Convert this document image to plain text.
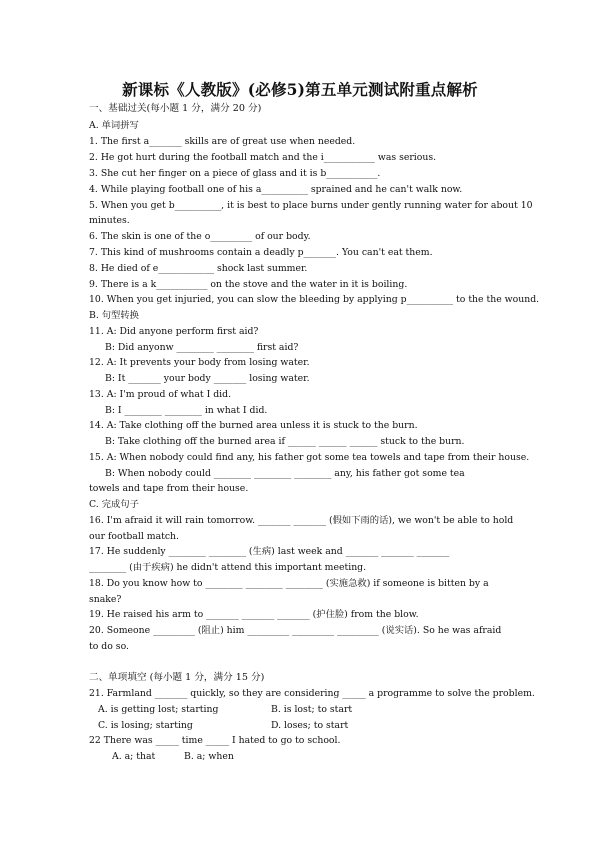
新课标《人教版》(必修5)第五单元测试附重点解析
一、基础过关(每小题 1 分，满分 20 分)
A. 单词拼写
1. The first a_______ skills are of great use when needed.
2. He got hurt during the football match and the i___________ was serious.
3. She cut her finger on a piece of glass and it is b___________.
4. While playing football one of his a__________ sprained and he can't walk now.
5. When you get b__________, it is best to place burns under gently running water for about 10
minutes.
6. The skin is one of the o_________ of our body.
7. This kind of mushrooms contain a deadly p_______. You can't eat them.
8. He died of e____________ shock last summer.
9. There is a k___________ on the stove and the water in it is boiling.
10. When you get injuried, you can slow the bleeding by applying p__________ to the the wound.
B. 句型转换
11. A: Did anyone perform first aid?
B: Did anyonw ________ ________ first aid?
12. A: It prevents your body from losing water.
B: It _______ your body _______ losing water.
13. A: I'm proud of what I did.
B: I ________ ________ in what I did.
14. A: Take clothing off the burned area unless it is stuck to the burn.
B: Take clothing off the burned area if ______ ______ ______ stuck to the burn.
15. A: When nobody could find any, his father got some tea towels and tape from their house.
B: When nobody could ________ ________ ________ any, his father got some tea
towels and tape from their house.
C. 完成句子
16. I'm afraid it will rain tomorrow. _______ _______ (假如下雨的话), we won't be able to hold
our football match.
17. He suddenly ________ ________ (生病) last week and _______ _______ _______
________ (由于疾病) he didn't attend this important meeting.
18. Do you know how to ________ ________ ________ (实施急救) if someone is bitten by a
snake?
19. He raised his arm to _______ _______ _______ (护住脸) from the blow.
20. Someone _________ (阻止) him _________ _________ _________ (说实话). So he was afraid
to do so.
二、单项填空 (每小题 1 分，满分 15 分)
21. Farmland _______ quickly, so they are considering _____ a programme to solve the problem.
A. is getting lost; starting	B. is lost; to start
C. is losing; starting	D. loses; to start
22 There was _____ time _____ I hated to go to school.
A. a; that	B. a; when
